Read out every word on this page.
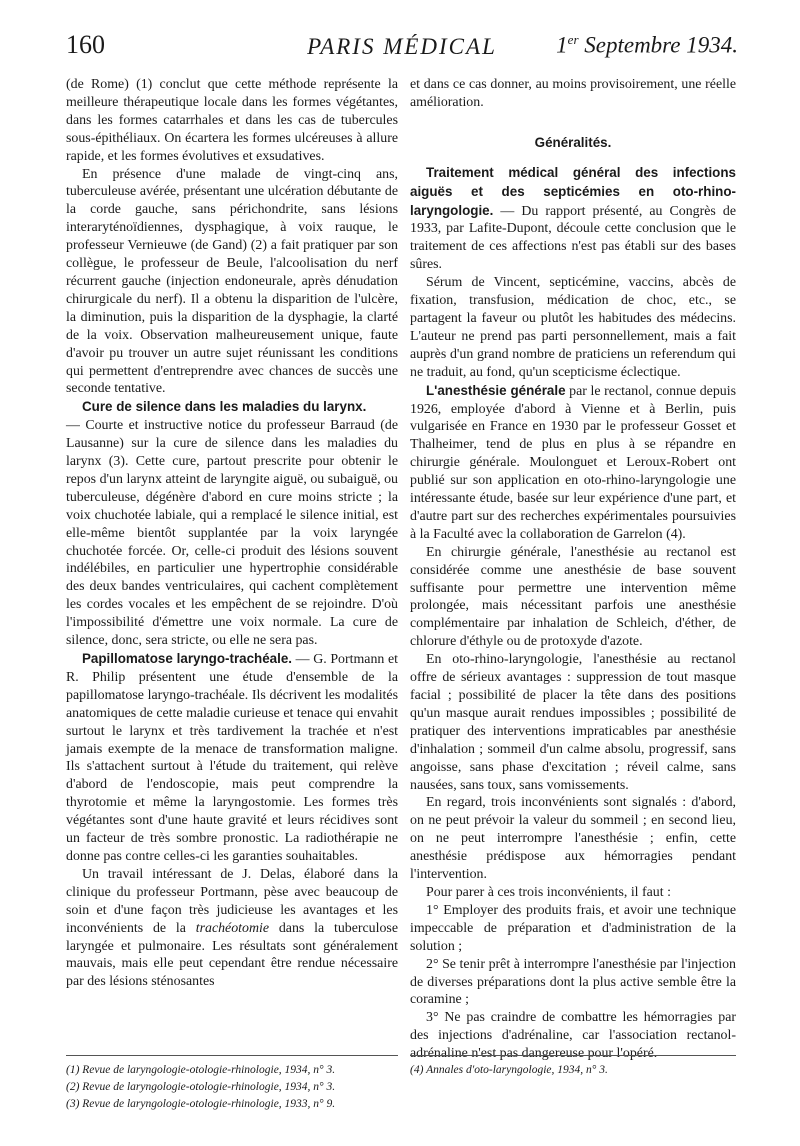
160	PARIS MÉDICAL	1er Septembre 1934.

(de Rome) (1) conclut que cette méthode représente la meilleure thérapeutique locale dans les formes végétantes, dans les formes catarrhales et dans les cas de tubercules sous-épithéliaux. On écartera les formes ulcéreuses à allure rapide, et les formes évolutives et exsudatives.

En présence d'une malade de vingt-cinq ans, tuberculeuse avérée, présentant une ulcération débutante de la corde gauche, sans périchondrite, sans lésions interaryténoïdiennes, dysphagique, à voix rauque, le professeur Vernieuwe (de Gand) (2) a fait pratiquer par son collègue, le professeur de Beule, l'alcoolisation du nerf récurrent gauche (injection endoneurale, après dénudation chirurgicale du nerf). Il a obtenu la disparition de l'ulcère, la diminution, puis la disparition de la dysphagie, la clarté de la voix. Observation malheureusement unique, faute d'avoir pu trouver un autre sujet réunissant les conditions qui permettent d'entreprendre avec chances de succès une seconde tentative.

Cure de silence dans les maladies du larynx.
— Courte et instructive notice du professeur Barraud (de Lausanne) sur la cure de silence dans les maladies du larynx (3). Cette cure, partout prescrite pour obtenir le repos d'un larynx atteint de laryngite aiguë, ou subaiguë, ou tuberculeuse, dégénère d'abord en cure moins stricte ; la voix chuchotée labiale, qui a remplacé le silence initial, est elle-même bientôt supplantée par la voix laryngée chuchotée forcée. Or, celle-ci produit des lésions souvent indélébiles, en particulier une hypertrophie considérable des deux bandes ventriculaires, qui cachent complètement les cordes vocales et les empêchent de se rejoindre. D'où l'impossibilité d'émettre une voix normale. La cure de silence, donc, sera stricte, ou elle ne sera pas.

Papillomatose laryngo-trachéale. — G. Portmann et R. Philip présentent une étude d'ensemble de la papillomatose laryngo-trachéale. Ils décrivent les modalités anatomiques de cette maladie curieuse et tenace qui envahit surtout le larynx et très tardivement la trachée et n'est jamais exempte de la menace de transformation maligne. Ils s'attachent surtout à l'étude du traitement, qui relève d'abord de l'endoscopie, mais peut comprendre la thyrotomie et même la laryngostomie. Les formes très végétantes sont d'une haute gravité et leurs récidives sont un facteur de très sombre pronostic. La radiothérapie ne donne pas contre celles-ci les garanties souhaitables.

Un travail intéressant de J. Delas, élaboré dans la clinique du professeur Portmann, pèse avec beaucoup de soin et d'une façon très judicieuse les avantages et les inconvénients de la trachéotomie dans la tuberculose laryngée et pulmonaire. Les résultats sont généralement mauvais, mais elle peut cependant être rendue nécessaire par des lésions sténosantes

et dans ce cas donner, au moins provisoirement, une réelle amélioration.

Généralités.

Traitement médical général des infections aiguës et des septicémies en oto-rhino-laryngologie. — Du rapport présenté, au Congrès de 1933, par Lafite-Dupont, découle cette conclusion que le traitement de ces affections n'est pas établi sur des bases sûres.

Sérum de Vincent, septicémine, vaccins, abcès de fixation, transfusion, médication de choc, etc., se partagent la faveur ou plutôt les habitudes des médecins. L'auteur ne prend pas parti personnellement, mais a fait auprès d'un grand nombre de praticiens un referendum qui ne traduit, au fond, qu'un scepticisme éclectique.

L'anesthésie générale par le rectanol, connue depuis 1926, employée d'abord à Vienne et à Berlin, puis vulgarisée en France en 1930 par le professeur Gosset et Thalheimer, tend de plus en plus à se répandre en chirurgie générale. Moulonguet et Leroux-Robert ont publié sur son application en oto-rhino-laryngologie une intéressante étude, basée sur leur expérience d'une part, et d'autre part sur des recherches expérimentales poursuivies à la Faculté avec la collaboration de Garrelon (4).

En chirurgie générale, l'anesthésie au rectanol est considérée comme une anesthésie de base souvent suffisante pour permettre une intervention même prolongée, mais nécessitant parfois une anesthésie complémentaire par inhalation de Schleich, d'éther, de chlorure d'éthyle ou de protoxyde d'azote.

En oto-rhino-laryngologie, l'anesthésie au rectanol offre de sérieux avantages : suppression de tout masque facial ; possibilité de placer la tête dans des positions qu'un masque aurait rendues impossibles ; possibilité de pratiquer des interventions impraticables par anesthésie d'inhalation ; sommeil d'un calme absolu, progressif, sans angoisse, sans phase d'excitation ; réveil calme, sans nausées, sans toux, sans vomissements.

En regard, trois inconvénients sont signalés : d'abord, on ne peut prévoir la valeur du sommeil ; en second lieu, on ne peut interrompre l'anesthésie ; enfin, cette anesthésie prédispose aux hémorragies pendant l'intervention.

Pour parer à ces trois inconvénients, il faut :

1° Employer des produits frais, et avoir une technique impeccable de préparation et d'administration de la solution ;

2° Se tenir prêt à interrompre l'anesthésie par l'injection de diverses préparations dont la plus active semble être la coramine ;

3° Ne pas craindre de combattre les hémorragies par des injections d'adrénaline, car l'association rectanol-adrénaline n'est pas dangereuse pour l'opéré.

(1) Revue de laryngologie-otologie-rhinologie, 1934, n° 3.
(2) Revue de laryngologie-otologie-rhinologie, 1934, n° 3.
(3) Revue de laryngologie-otologie-rhinologie, 1933, n° 9.
(4) Annales d'oto-laryngologie, 1934, n° 3.
